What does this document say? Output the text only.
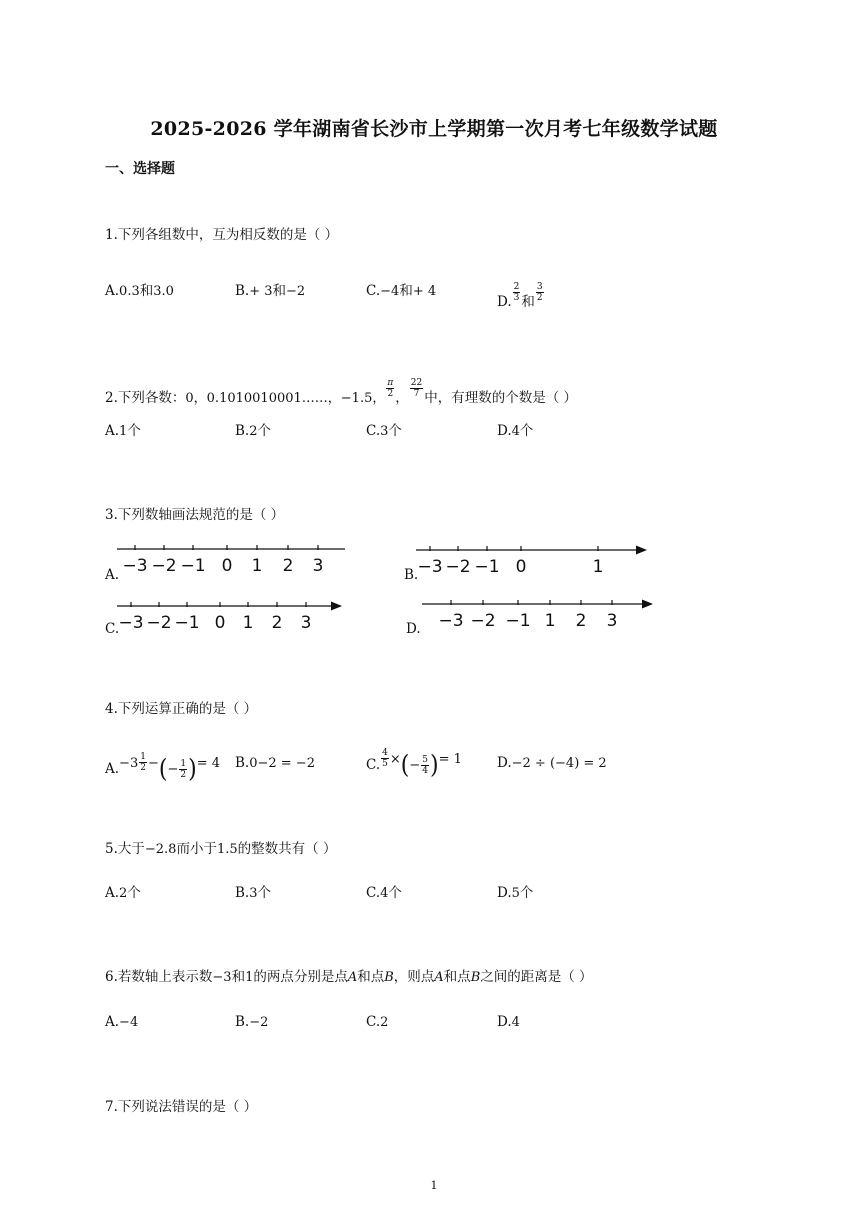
2025-2026 学年湖南省长沙市上学期第一次月考七年级数学试题
一、选择题
1.下列各组数中，互为相反数的是（ ）
A.0.3和3.0	B.+ 3和−2	C.−4和+ 4
D. $\frac{2}{3}$ 和 $\frac{3}{2}$
2.下列各数：0，0.1010010001……，−1.5， $\frac{\pi}{2}$ ， $\frac{22}{7}$ 中，有理数的个数是（ ）
A.1个	B.2个	C.3个	D.4个
3.下列数轴画法规范的是（ ）
A. −3 −2 −1 0 1 2 3	B. −3 −2 −1 0	1
C. −3 −2 −1 0 1 2 3	D. −3 −2 −1 1 2 3
4.下列运算正确的是（ ）
$A.-3 \frac{1}{2}$ −(− $\frac{1}{2}$ )= 4 B.0−2 = −2	C. $\frac{4}{5}$ ×(− $\frac{5}{4}$ )= 1	D.−2 ÷ (−4) = 2
5.大于−2.8而小于1.5的整数共有（ ）
A.2个	B.3个	C.4个	D.5个
6.若数轴上表示数−3和1的两点分别是点A和点B，则点A和点B之间的距离是（ ）
A.−4	B.−2	C.2	D.4
7.下列说法错误的是（ ）
1
